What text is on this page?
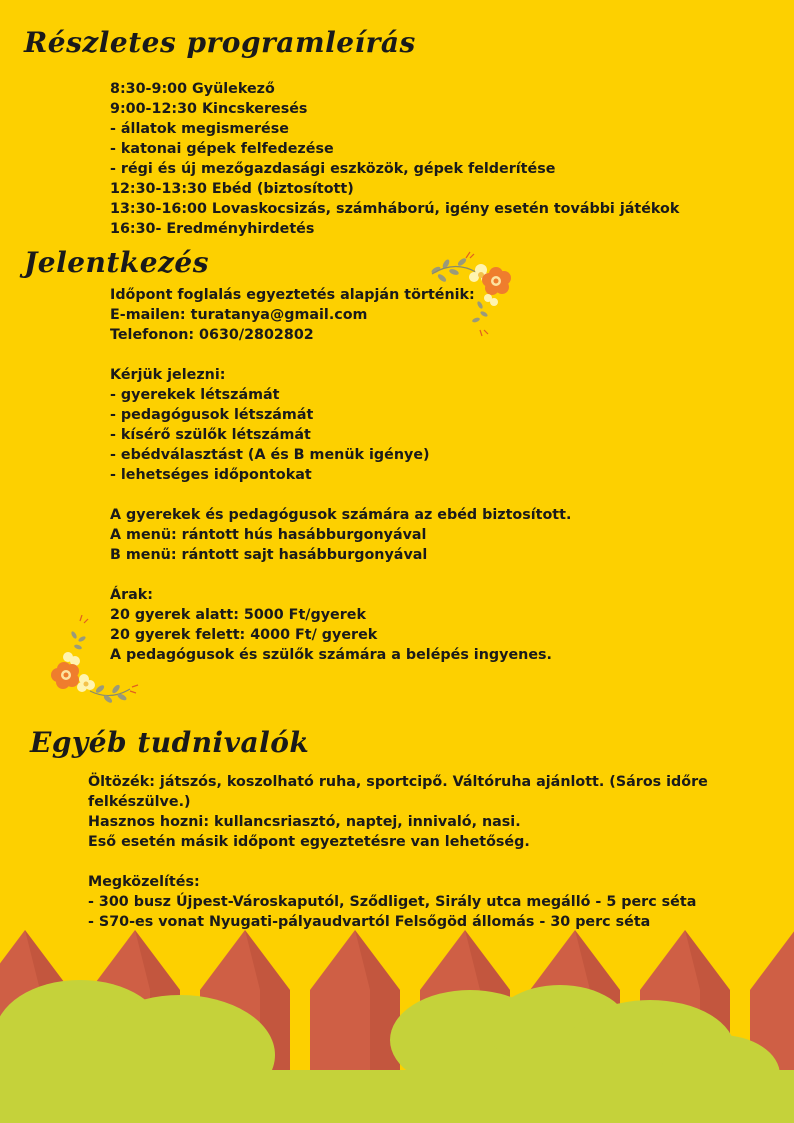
Részletes programleírás
8:30-9:00 Gyülekező
9:00-12:30 Kincskeresés
- állatok megismerése
- katonai gépek felfedezése
- régi és új mezőgazdasági eszközök, gépek felderítése
12:30-13:30 Ebéd (biztosított)
13:30-16:00 Lovaskocsizás, számháború, igény esetén további játékok
16:30- Eredményhirdetés
Jelentkezés
Időpont foglalás egyeztetés alapján történik:
E-mailen: turatanya@gmail.com
Telefonon: 0630/2802802
Kérjük jelezni:
- gyerekek létszámát
- pedagógusok létszámát
- kísérő szülők létszámát
- ebédválasztást (A és B menük igénye)
- lehetséges időpontokat
A gyerekek és pedagógusok számára az ebéd biztosított.
A menü: rántott hús hasábburgonyával
B menü: rántott sajt hasábburgonyával
Árak:
20 gyerek alatt: 5000 Ft/gyerek
20 gyerek felett: 4000 Ft/ gyerek
A pedagógusok és szülők számára a belépés ingyenes.
Egyéb tudnivalók
Öltözék: játszós, koszolható ruha, sportcipő. Váltóruha ajánlott. (Sáros időre felkészülve.)
Hasznos hozni: kullancsriasztó, naptej, innivaló, nasi.
Eső esetén másik időpont egyeztetésre van lehetőség.
Megközelítés:
- 300 busz Újpest-Városkaputól, Sződliget, Sirály utca megálló - 5 perc séta
- S70-es vonat Nyugati-pályaudvartól Felsőgöd állomás - 30 perc séta
